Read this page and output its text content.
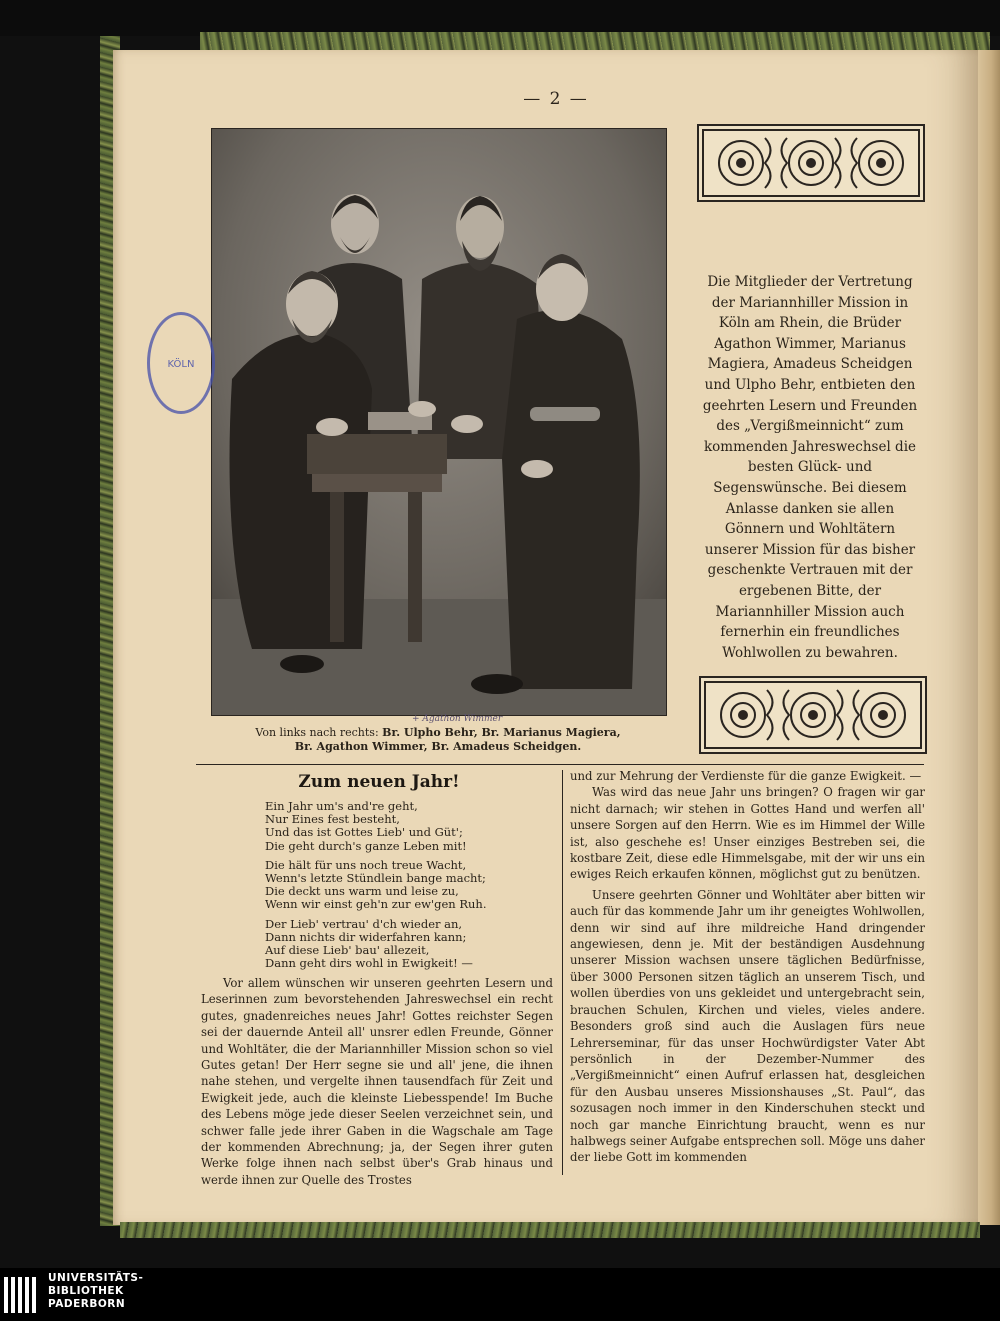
— 2 —
KÖLN
Die Mitglieder der Vertretung der Mariannhiller Mission in Köln am Rhein, die Brüder Agathon Wimmer, Marianus Magiera, Amadeus Scheidgen und Ulpho Behr, entbieten den geehrten Lesern und Freunden des „Vergißmeinnicht“ zum kommenden Jahreswechsel die besten Glück- und Segenswünsche. Bei diesem Anlasse danken sie allen Gönnern und Wohltätern unserer Mission für das bisher geschenkte Vertrauen mit der ergebenen Bitte, der Mariannhiller Mission auch fernerhin ein freundliches Wohlwollen zu bewahren.
+ Agathon Wimmer
Von links nach rechts: Br. Ulpho Behr, Br. Marianus Magiera,
Br. Agathon Wimmer, Br. Amadeus Scheidgen.
Zum neuen Jahr!
Ein Jahr um's and're geht,
Nur Eines fest besteht,
Und das ist Gottes Lieb' und Güt';
Die geht durch's ganze Leben mit!
Die hält für uns noch treue Wacht,
Wenn's letzte Stündlein bange macht;
Die deckt uns warm und leise zu,
Wenn wir einst geh'n zur ew'gen Ruh.
Der Lieb' vertrau' d'ch wieder an,
Dann nichts dir widerfahren kann;
Auf diese Lieb' bau' allezeit,
Dann geht dirs wohl in Ewigkeit! —

Vor allem wünschen wir unseren geehrten Lesern und Leserinnen zum bevorstehenden Jahreswechsel ein recht gutes, gnadenreiches neues Jahr! Gottes reichster Segen sei der dauernde Anteil all' unsrer edlen Freunde, Gönner und Wohltäter, die der Mariannhiller Mission schon so viel Gutes getan! Der Herr segne sie und all' jene, die ihnen nahe stehen, und vergelte ihnen tausendfach für Zeit und Ewigkeit jede, auch die kleinste Liebesspende! Im Buche des Lebens möge jede dieser Seelen verzeichnet sein, und schwer falle jede ihrer Gaben in die Wagschale am Tage der kommenden Abrechnung; ja, der Segen ihrer guten Werke folge ihnen nach selbst über's Grab hinaus und werde ihnen zur Quelle des Trostes

und zur Mehrung der Verdienste für die ganze Ewigkeit. —

Was wird das neue Jahr uns bringen? O fragen wir gar nicht darnach; wir stehen in Gottes Hand und werfen all' unsere Sorgen auf den Herrn. Wie es im Himmel der Wille ist, also geschehe es! Unser einziges Bestreben sei, die kostbare Zeit, diese edle Himmelsgabe, mit der wir uns ein ewiges Reich erkaufen können, möglichst gut zu benützen.

Unsere geehrten Gönner und Wohltäter aber bitten wir auch für das kommende Jahr um ihr geneigtes Wohlwollen, denn wir sind auf ihre mildreiche Hand dringender angewiesen, denn je. Mit der beständigen Ausdehnung unserer Mission wachsen unsere täglichen Bedürfnisse, über 3000 Personen sitzen täglich an unserem Tisch, und wollen überdies von uns gekleidet und untergebracht sein, brauchen Schulen, Kirchen und vieles, vieles andere. Besonders groß sind auch die Auslagen fürs neue Lehrerseminar, für das unser Hochwürdigster Vater Abt persönlich in der Dezember-Nummer des „Vergißmeinnicht“ einen Aufruf erlassen hat, desgleichen für den Ausbau unseres Missionshauses „St. Paul“, das sozusagen noch immer in den Kinderschuhen steckt und noch gar manche Einrichtung braucht, wenn es nur halbwegs seiner Aufgabe entsprechen soll. Möge uns daher der liebe Gott im kommenden

UNIVERSITÄTS-
BIBLIOTHEK
PADERBORN
